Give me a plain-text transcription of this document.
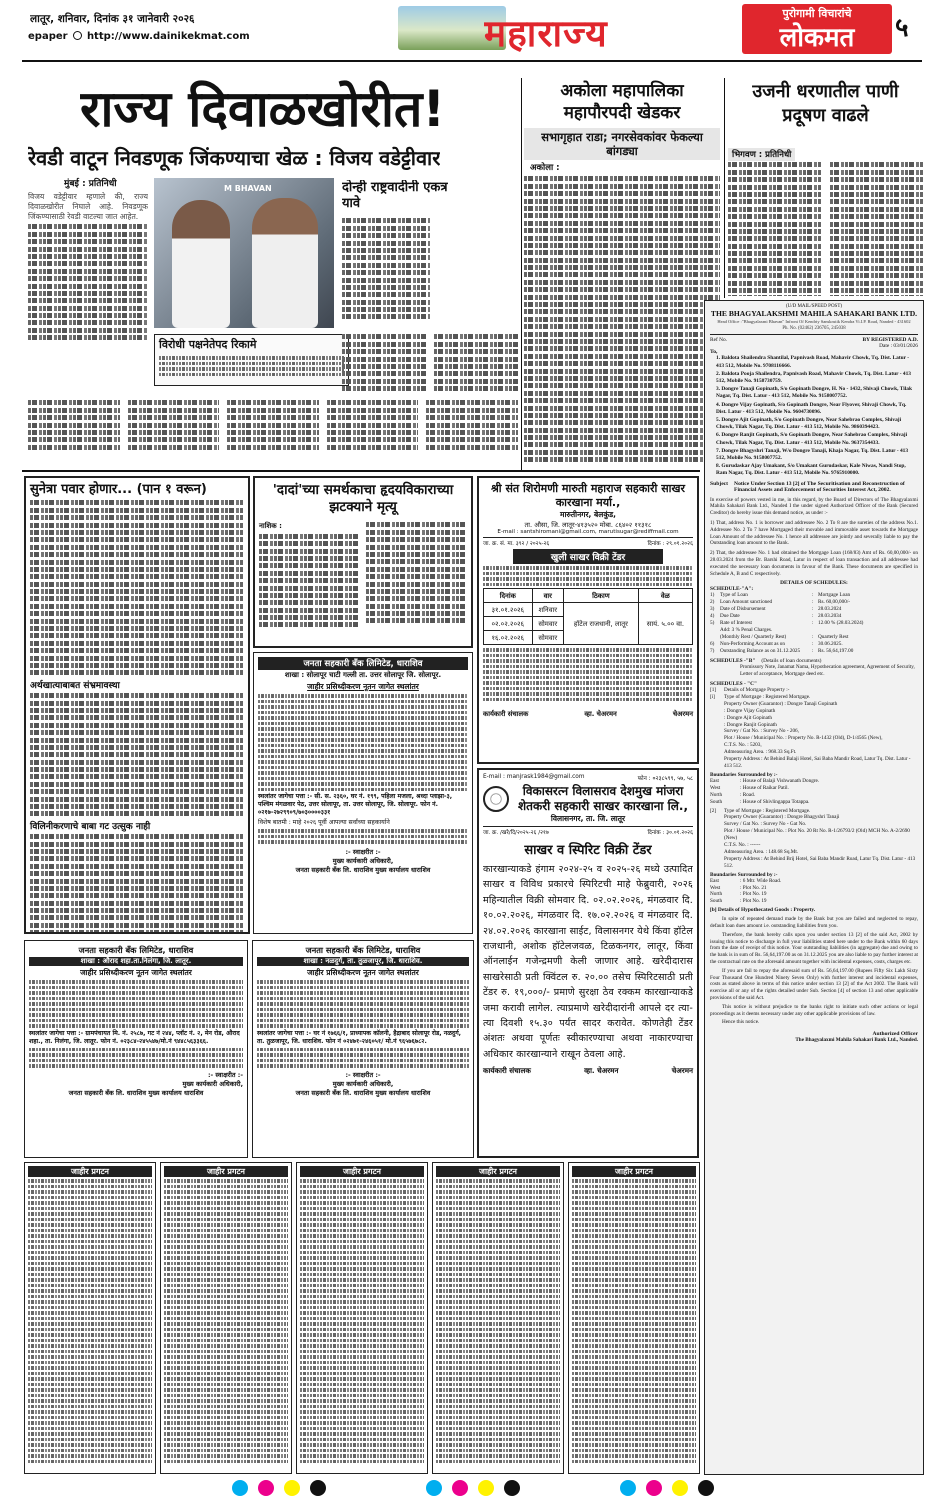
लातूर, शनिवार, दिनांक ३१ जानेवारी २०२६
epaper http://www.dainikekmat.com	महाराज्य	पुरोगामी विचारांचे
लोकमत	५
राज्य दिवाळखोरीत!
रेवडी वाटून निवडणूक जिंकण्याचा खेळ : विजय वडेट्टीवार
मुंबई : प्रतिनिधी
विजय वडेट्टीवार म्हणाले की, राज्य दिवाळखोरीत निघाले आहे. निवडणूक जिंकण्यासाठी रेवडी वाटल्या जात आहेत.
M BHAVAN	दोन्ही राष्ट्रवादीनी एकत्र यावे
विरोधी पक्षनेतेपद रिकामे
अकोला महापालिका महापौरपदी खेडकर
सभागृहात राडा; नगरसेवकांवर फेकल्या बांगड्या
अकोला :
उजनी धरणातील पाणी प्रदूषण वाढले
भिगवण : प्रतिनिधी
(U/D MAIL/SPEED POST)
THE BHAGYALAKSHMI MAHILA SAHAKARI BANK LTD.
Head Office :"Bhagyalaxmi Bhavan" Infront Of Kendriy Sanskrutik Kendra Vi.I.P. Road, Nanded - 431602
Ph. No. (02462) 236705, 245038
Ref No.	BY REGISTERED A.D.
Date : 03/01/2026
To,
1. Baldota Shailendra Shantilal, Papnivash Road, Mahavir Chowk, Tq. Dist. Latur - 413 512, Mobile No. 9708116666.
2. Baldota Pooja Shailendra, Papnivash Road, Mahavir Chowk, Tq. Dist. Latur - 413 512, Mobile No. 9158730759.
3. Dongre Tanaji Gopinath, S/o Gopinath Dongre, H. No - 1432, Shivaji Chowk, Tilak Nagar, Tq. Dist. Latur - 413 512, Mobile No. 9158007752.
4. Dongre Vijay Gopinath, S/o Gopinath Dongre, Near Flyover, Shivaji Chowk, Tq. Dist. Latur - 413 512, Mobile No. 9604730096.
5. Dongre Ajit Gopinath, S/o Gopinath Dongre, Near Sahebrao Complex, Shivaji Chowk, Tilak Nagar, Tq. Dist. Latur - 413 512, Mobile No. 9860394423.
6. Dongre Ranjit Gopinath, S/o Gopinath Dongre, Near Sahebrao Complex, Shivaji Chowk, Tilak Nagar, Tq. Dist. Latur - 413 512, Mobile No. 9637354433.
7. Dongre Bhagyshri Tanaji, W/o Dongre Tanaji, Khaja Nagar, Tq. Dist. Latur - 413 512, Mobile No. 9158007752.
8. Gurudaskar Ajay Umakant, S/o Umakant Gurudaskar, Kale Niwas, Nandi Stop, Ram Nagar, Tq. Dist. Latur - 413 512, Mobile No. 9765910000.
Subject Notice Under Section 13 [2] of The Securitisation and Reconstruction of Financial Assets and Enforcement of Securities Interest Act, 2002.
In exercise of powers vested in me, in this regard, by the Board of Directors of The Bhagyalaxmi Mahila Sahakari Bank Ltd., Nanded I the under signed Authorized Officer of the Bank (Secured Creditor) do hereby issue this demand notice, as under :-
1) That, address No. 1 is borrower and addressee No. 2 To 8 are the sureties of the address No.1. Addressee No. 2 To 7 have Mortgaged their movable and immovable asset towards the Mortgage Loan Amount of the addressee No. 1 hence all addressee are jointly and severally liable to pay the Outstanding loan amount to the Bank.
2) That, the addressee No. 1 had obtained the Mortgage Loan (168/83) Amt of Rs. 60,00,000/- on 28.03.2024 from the Br. Barshi Road, Latur in respect of loan transaction and all addressee had executed the necessary loan documents in favour of the Bank. These documents are specified in Schedule A, B and C respectively.
DETAILS OF SCHEDULES:
SCHEDULE-"A":
1)	Type of Loan	: Mortgage Loan
2)	Loan Amount sanctioned	: Rs. 60,00,000/-
3)	Date of Disbursement	: 28.03.2024
4)	Due Date	: 28.03.2034
5)	Rate of Interest	: 12.00 % (28.03.2024)
Add: 3 % Penal Charges.
(Monthly Rest / Quarterly Rest)	: Quarterly Rest
6)	Non-Performing Account as on	: 30.06.2025.
7)	Outstanding Balance as on 31.12.2025	: Rs. 56,64,197.00
SCHEDULES -"B" (Details of loan documents)
Promissory Note, Janamat Nama, Hypothecation agreement, Agreement of Security, Letter of acceptance, Mortgage deed etc.
SCHEDULES - "C"
[1]	Details of Mortgage Property :-
[i]	Type of Mortgage : Registered Mortgage.
Property Owner (Guarantor) : Dongre Tanaji Gopinath
: Dongre Vijay Gopinath
: Dongre Ajit Gopinath
: Dongre Ranjit Gopinath
Survey / Gat No. : Survey No - 206,
Plot / House / Municipal No. : Property No. R-1432 (Old), D-1/4565 (New),
C.T.S. No. : 5203,
Admeasuring Area. : 968.33 Sq.Ft.
Property Address : At Behind Balaji Hotel, Sai Baba Mandir Road, Latur Tq. Dist. Latur - 413 512.
Boundaries Surrounded by :-
East	: House of Balaji Vishwanath Dongre.
West	: House of Raikar Patil.
North	: Road.
South	: House of Shivlingappa Totappa.
[2]	Type of Mortgage : Registered Mortgage.
Property Owner (Guarantor) : Dongre Bhagyshri Tanaji
Survey / Gat No. : Survey No - Gat No.
Plot / House / Municipal No. : Plot No. 20 Rt No. R-1/26793/2 (Old) MCH No. A-2/2690 (New)
C.T.S. No. : ------
Admeasuring Area. : 148.68 Sq.Mt.
Property Address : At Behind Brij Hotel, Sai Baba Mandir Road, Latur Tq. Dist. Latur - 413 512.
Boundaries Surrounded by :-
East	: 6 Mtr. Wide Road.
West	: Plot No. 21
North	: Plot No. 19
South	: Plot No. 19
[b] Details of Hypothecated Goods : Property.
In spite of repeated demand made by the Bank but you are failed and neglected to repay, default loan dues amount i.e. outstanding liabilities from you.
Therefore, the bank hereby calls upon you under section 13 [2] of the said Act, 2002 by issuing this notice to discharge in full your liabilities stated here under to the Bank within 60 days from the date of receipt of this notice. Your outstanding liabilities (in aggregate) due and owing to the bank is in sum of Rs. 56,64,197.00 as on 31.12.2025 you are also liable to pay further interest at the contractual rate on the aforesaid amount together with incidental expenses, costs, charges etc.
If you are fail to repay the aforesaid sum of Rs. 56,64,197.00 (Rupees Fifty Six Lakh Sixty Four Thousand One Hundred Ninety Seven Only) with further interest and incidental expenses, costs as stated above in terms of this notice under section 13 [2] of the Act 2002. The Bank will exercise all or any of the rights detailed under Sub. Section [4] of section 13 and other applicable provisions of the said Act.
This notice is without prejudice to the banks right to initiate such other actions or legal proceedings as it deems necessary under any other applicable provisions of law.
Hence this notice.
Authorized Officer
The Bhagyalaxmi Mahila Sahakari Bank Ltd., Nanded.
सुनेत्रा पवार होणार... (पान १ वरून)
अर्थखात्याबाबत संभ्रमावस्था
विलिनीकरणाचे बाबा गट उत्सुक नाही
'दादां'च्या समर्थकाचा हृदयविकाराच्या झटक्याने मृत्यू
नाशिक :
जनता सहकारी बँक लिमिटेड, धाराशिव
शाखा : सोलापूर चाटी गल्ली ता. उत्तर सोलापूर जि. सोलापूर.
जाहीर प्रसिध्दीकरण नूतन जागेत स्थलांतर
स्थलांतर जागेचा पत्ता :- सी. स. २३६०, घर नं. १९९, पहिला मजला, श्रध्दा प्लाझा-३, पश्चिम मंगळवार पेठ, उत्तर सोलापूर, ता. उत्तर सोलापूर, जि. सोलापूर. फोन नं. ०२१७-२७२९९०९/७०३००००३३१
विशेष बातमी : माहे २०२६ पूर्वी आपल्या सर्वांच्या सहकार्याने
:- स्वाक्षरीत :-
मुख्य कार्यकारी अधिकारी,
जनता सहकारी बँक लि. धाराशिव मुख्य कार्यालय धाराशिव
श्री संत शिरोमणी मारुती महाराज सहकारी साखर कारखाना मर्या.,
मारुतीनगर, बेलकुंड,
ता. औसा, जि. लातूर-४१३५२० मोबा. ८६४०२ ११३१८
E-mail : santshiromani@gmail.com, marutisugar@rediffmail.com
जा. क्र. सं. मा. ३९२ / २०२५-२६	दिनांक : २९.०१.२०२६
खुली साखर विक्री टेंडर
दिनांक	वार	ठिकाण	वेळ
३१.०१.२०२६	शनिवार	हॉटेल राजधानी, लातूर	सायं. ५.०० वा.
०२.०२.२०२६	सोमवार		
१६.०२.२०२६	सोमवार		
कार्यकारी संचालक	व्हा. चेअरमन	चेअरमन
E-mail : manjrask1984@gmail.com	फोन : ०२३८५९९, ५७, ५८
विकासरत्न विलासराव देशमुख मांजरा शेतकरी सहकारी साखर कारखाना लि.,
विलासनगर, ता. जि. लातूर
जा. क्र. /खरे/दि/२०२५-२६ /२१७	दिनांक : ३०.०१.२०२६
साखर व स्पिरिट विक्री टेंडर
कारखान्याकडे हंगाम २०२४-२५ व २०२५-२६ मध्ये उत्पादित साखर व विविध प्रकारचे स्पिरिटची माहे फेब्रुवारी, २०२६ महिन्यातील विक्री सोमवार दि. ०२.०२.२०२६, मंगळवार दि. १०.०२.२०२६, मंगळवार दि. १७.०२.२०२६ व मंगळवार दि. २४.०२.२०२६ कारखाना साईट, विलासनगर येथे किंवा हॉटेल राजधानी, अशोक हॉटेलजवळ, टिळकनगर, लातूर, किंवा ऑनलाईन गजेन्द्रमणी केली जाणार आहे. खरेदीदारास साखरेसाठी प्रती क्विंटल रु. २०.०० तसेच स्पिरिटसाठी प्रती टेंडर रु. १९,०००/- प्रमाणे सुरक्षा ठेव रक्कम कारखान्याकडे जमा करावी लागेल. त्याप्रमाणे खरेदीदारांनी आपले दर त्या-त्या दिवशी १५.३० पर्यंत सादर करावेत. कोणतेही टेंडर अंशतः अथवा पूर्णतः स्वीकारण्याचा अथवा नाकारण्याचा अधिकार कारखान्याने राखून ठेवला आहे.
कार्यकारी संचालक	व्हा. चेअरमन	चेअरमन
जनता सहकारी बँक लिमिटेड, धाराशिव
शाखा : औराद शहा.ता.निलंगा, जि. लातूर.
जाहीर प्रसिध्दीकरण नूतन जागेत स्थलांतर
स्थलांतर जागेचा पत्ता :- ग्रामपंचायत मि. नं. २५८७, गट नं २४४, प्लॉट नं. २, मेन रोड, औराद शहा., ता. निलंगा, जि. लातूर. फोन नं. ०२३८४-२४५५४७/मो.नं ९४४८५६३३६६.
:- स्वाक्षरीत :-
मुख्य कार्यकारी अधिकारी,
जनता सहकारी बँक लि. धाराशिव मुख्य कार्यालय धाराशिव
जनता सहकारी बँक लिमिटेड, धाराशिव
शाखा : नळदुर्ग, ता. तुळजापूर, जि. धाराशिव.
जाहीर प्रसिध्दीकरण नूतन जागेत स्थलांतर
स्थलांतर जागेचा पत्ता :- घर नं १७६६/१, प्राध्यापक कॉलनी, हैद्राबाद सोलापूर रोड, नळदुर्ग, ता. तुळजापूर, जि. धाराशिव. फोन नं ०२४७१-२४६०५१/ मो.नं ९६५७६७८२.
:- स्वाक्षरीत :-
मुख्य कार्यकारी अधिकारी,
जनता सहकारी बँक लि. धाराशिव मुख्य कार्यालय धाराशिव
जाहीर प्रगटन	जाहीर प्रगटन	जाहीर प्रगटन	जाहीर प्रगटन	जाहीर प्रगटन
